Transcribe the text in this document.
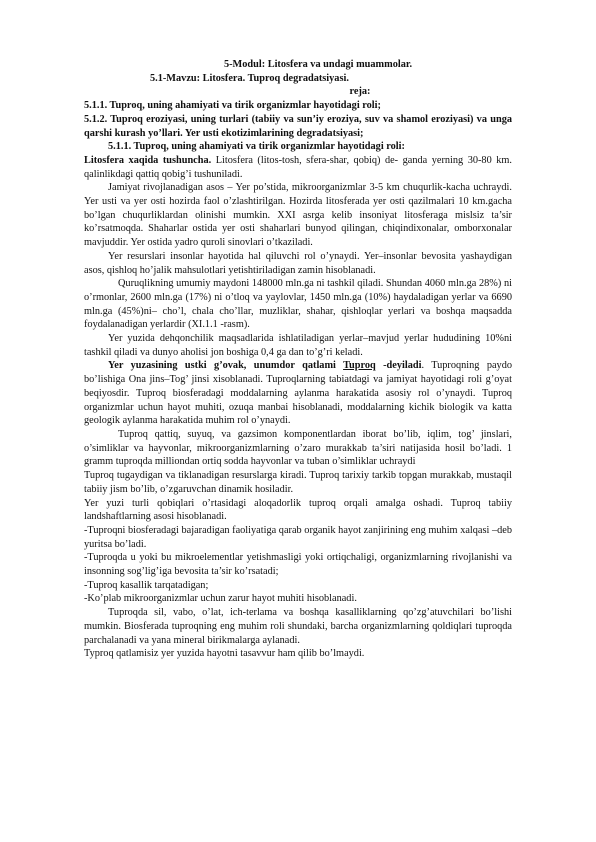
5-Modul: Litosfera va undagi muammolar.
5.1-Mavzu: Litosfera. Tuproq degradatsiyasi.
reja:

5.1.1. Tuproq, uning ahamiyati va tirik organizmlar hayotidagi roli;

5.1.2. Tuproq eroziyasi, uning turlari (tabiiy va sun’iy eroziya, suv va shamol eroziyasi) va unga qarshi kurash yo’llari. Yer usti ekotizimlarining degradatsiyasi;

5.1.1. Tuproq, uning ahamiyati va tirik organizmlar hayotidagi roli:

Litosfera xaqida tushuncha. Litosfera (litos-tosh, sfera-shar, qobiq) de- ganda yerning 30-80 km. qalinlikdagi qattiq qobig’i tushuniladi.

Jamiyat rivojlanadigan asos – Yer po’stida, mikroorganizmlar 3-5 km chuqurlik-kacha uchraydi. Yer usti va yer osti hozirda faol o’zlashtirilgan. Hozirda litosferada yer osti qazilmalari 10 km.gacha bo’lgan chuqurliklardan olinishi mumkin. XXI asrga kelib insoniyat litosferaga mislsiz ta’sir ko’rsatmoqda. Shaharlar ostida yer osti shaharlari bunyod qilingan, chiqindixonalar, omborxonalar mavjuddir. Yer ostida yadro quroli sinovlari o’tkaziladi.

Yer resurslari insonlar hayotida hal qiluvchi rol o’ynaydi. Yer–insonlar bevosita yashaydigan asos, qishloq ho’jalik mahsulotlari yetishtiriladigan zamin hisoblanadi.

Quruqlikning umumiy maydoni 148000 mln.ga ni tashkil qiladi. Shundan 4060 mln.ga 28%) ni o’rmonlar, 2600 mln.ga (17%) ni o’tloq va yaylovlar, 1450 mln.ga (10%) haydaladigan yerlar va 6690 mln.ga (45%)ni– cho’l, chala cho’llar, muzliklar, shahar, qishloqlar yerlari va boshqa maqsadda foydalanadigan yerlardir (XI.1.1 -rasm).

Yer yuzida dehqonchilik maqsadlarida ishlatiladigan yerlar–mavjud yerlar hududining 10%ni tashkil qiladi va dunyo aholisi jon boshiga 0,4 ga dan to’g’ri keladi.

Yer yuzasining ustki g’ovak, unumdor qatlami Tuproq -deyiladi. Tuproqning paydo bo’lishiga Ona jins–Tog’ jinsi xisoblanadi. Tuproqlarning tabiatdagi va jamiyat hayotidagi roli g’oyat beqiyosdir. Tuproq biosferadagi moddalarning aylanma harakatida asosiy rol o’ynaydi. Tuproq organizmlar uchun hayot muhiti, ozuqa manbai hisoblanadi, moddalarning kichik biologik va katta geologik aylanma harakatida muhim rol o’ynaydi.

Tuproq qattiq, suyuq, va gazsimon komponentlardan iborat bo’lib, iqlim, tog’ jinslari, o’simliklar va hayvonlar, mikroorganizmlarning o’zaro murakkab ta’siri natijasida hosil bo’ladi. 1 gramm tuproqda milliondan ortiq sodda hayvonlar va tuban o’simliklar uchraydi

Tuproq tugaydigan va tiklanadigan resurslarga kiradi. Tuproq tarixiy tarkib topgan murakkab, mustaqil tabiiy jism bo’lib, o’zgaruvchan dinamik hosiladir.

Yer yuzi turli qobiqlari o’rtasidagi aloqadorlik tuproq orqali amalga oshadi. Tuproq tabiiy landshaftlarning asosi hisoblanadi.

-Tuproqni biosferadagi bajaradigan faoliyatiga qarab organik hayot zanjirining eng muhim xalqasi –deb yuritsa bo’ladi.

-Tuproqda u yoki bu mikroelementlar yetishmasligi yoki ortiqchaligi, organizmlarning rivojlanishi va insonning sog’lig’iga bevosita ta’sir ko’rsatadi;

-Tuproq kasallik tarqatadigan;

-Ko’plab mikroorganizmlar uchun zarur hayot muhiti hisoblanadi.

Tuproqda sil, vabo, o’lat, ich-terlama va boshqa kasalliklarning qo’zg’atuvchilari bo’lishi mumkin. Biosferada tuproqning eng muhim roli shundaki, barcha organizmlarning qoldiqlari tuproqda parchalanadi va yana mineral birikmalarga aylanadi.

Typroq qatlamisiz yer yuzida hayotni tasavvur ham qilib bo’lmaydi.
